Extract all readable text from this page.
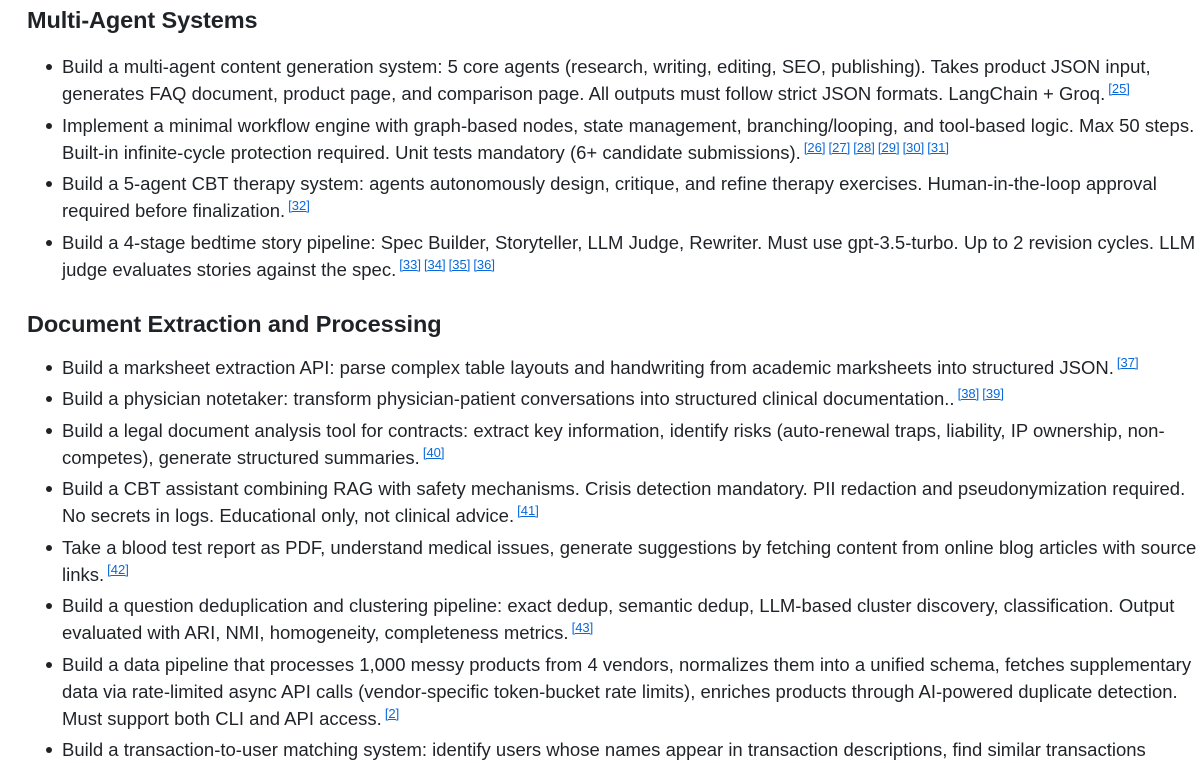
Multi-Agent Systems
Build a multi-agent content generation system: 5 core agents (research, writing, editing, SEO, publishing). Takes product JSON input, generates FAQ document, product page, and comparison page. All outputs must follow strict JSON formats. LangChain + Groq. [25]
Implement a minimal workflow engine with graph-based nodes, state management, branching/looping, and tool-based logic. Max 50 steps. Built-in infinite-cycle protection required. Unit tests mandatory (6+ candidate submissions). [26] [27] [28] [29] [30] [31]
Build a 5-agent CBT therapy system: agents autonomously design, critique, and refine therapy exercises. Human-in-the-loop approval required before finalization. [32]
Build a 4-stage bedtime story pipeline: Spec Builder, Storyteller, LLM Judge, Rewriter. Must use gpt-3.5-turbo. Up to 2 revision cycles. LLM judge evaluates stories against the spec. [33] [34] [35] [36]
Document Extraction and Processing
Build a marksheet extraction API: parse complex table layouts and handwriting from academic marksheets into structured JSON. [37]
Build a physician notetaker: transform physician-patient conversations into structured clinical documentation.. [38] [39]
Build a legal document analysis tool for contracts: extract key information, identify risks (auto-renewal traps, liability, IP ownership, non-competes), generate structured summaries. [40]
Build a CBT assistant combining RAG with safety mechanisms. Crisis detection mandatory. PII redaction and pseudonymization required. No secrets in logs. Educational only, not clinical advice. [41]
Take a blood test report as PDF, understand medical issues, generate suggestions by fetching content from online blog articles with source links. [42]
Build a question deduplication and clustering pipeline: exact dedup, semantic dedup, LLM-based cluster discovery, classification. Output evaluated with ARI, NMI, homogeneity, completeness metrics. [43]
Build a data pipeline that processes 1,000 messy products from 4 vendors, normalizes them into a unified schema, fetches supplementary data via rate-limited async API calls (vendor-specific token-bucket rate limits), enriches products through AI-powered duplicate detection. Must support both CLI and API access. [2]
Build a transaction-to-user matching system: identify users whose names appear in transaction descriptions, find similar transactions
